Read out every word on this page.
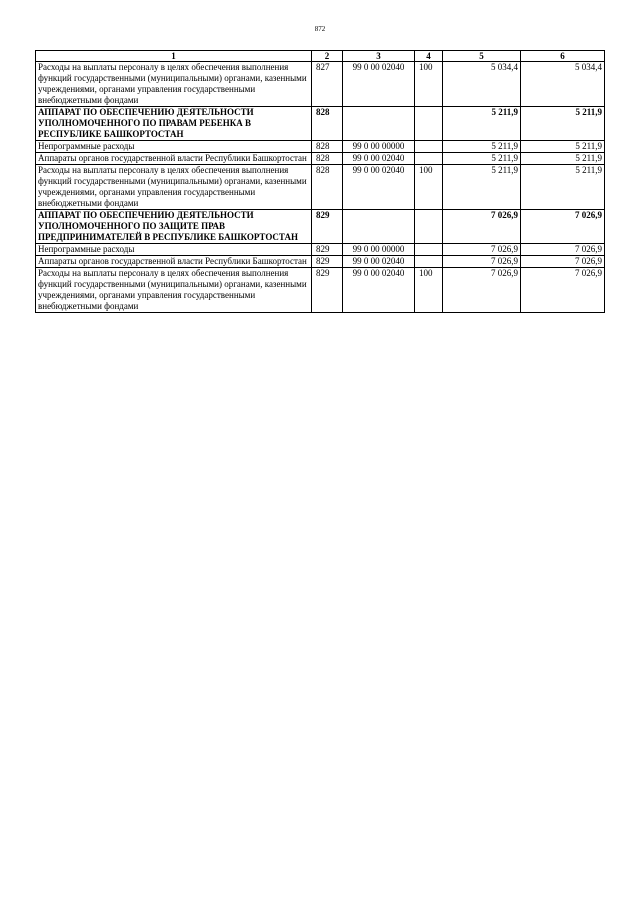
872
1	2	3	4	5	6
Расходы на выплаты персоналу в целях обеспечения выполнения функций государственными (муниципальными) органами, казенными учреждениями, органами управления государственными внебюджетными фондами	827	99 0 00 02040	100	5 034,4	5 034,4
АППАРАТ ПО ОБЕСПЕЧЕНИЮ ДЕЯТЕЛЬНОСТИ УПОЛНОМОЧЕННОГО ПО ПРАВАМ РЕБЕНКА В РЕСПУБЛИКЕ БАШКОРТОСТАН	828			5 211,9	5 211,9
Непрограммные расходы	828	99 0 00 00000		5 211,9	5 211,9
Аппараты органов государственной власти Республики Башкортостан	828	99 0 00 02040		5 211,9	5 211,9
Расходы на выплаты персоналу в целях обеспечения выполнения функций государственными (муниципальными) органами, казенными учреждениями, органами управления государственными внебюджетными фондами	828	99 0 00 02040	100	5 211,9	5 211,9
АППАРАТ ПО ОБЕСПЕЧЕНИЮ ДЕЯТЕЛЬНОСТИ УПОЛНОМОЧЕННОГО ПО ЗАЩИТЕ ПРАВ ПРЕДПРИНИМАТЕЛЕЙ В РЕСПУБЛИКЕ БАШКОРТОСТАН	829			7 026,9	7 026,9
Непрограммные расходы	829	99 0 00 00000		7 026,9	7 026,9
Аппараты органов государственной власти Республики Башкортостан	829	99 0 00 02040		7 026,9	7 026,9
Расходы на выплаты персоналу в целях обеспечения выполнения функций государственными (муниципальными) органами, казенными учреждениями, органами управления государственными внебюджетными фондами	829	99 0 00 02040	100	7 026,9	7 026,9
